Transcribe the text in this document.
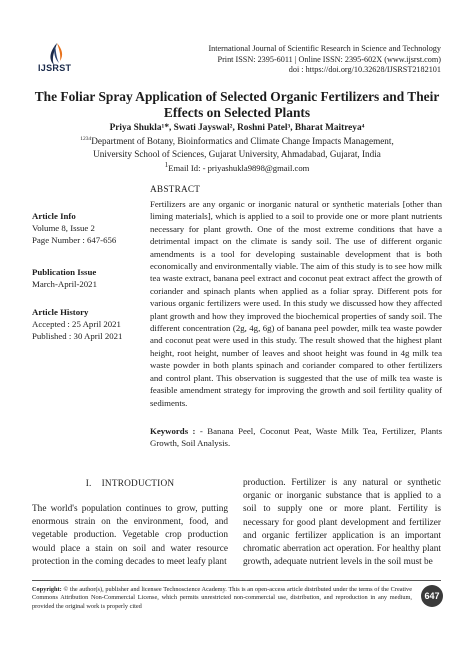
IJSRST
International Journal of Scientific Research in Science and Technology
Print ISSN: 2395-6011 | Online ISSN: 2395-602X (www.ijsrst.com)
doi : https://doi.org/10.32628/IJSRST2182101
The Foliar Spray Application of Selected Organic Fertilizers and Their Effects on Selected Plants
Priya Shukla¹*, Swati Jayswal², Roshni Patel³, Bharat Maitreya⁴
$^{1234}$Department of Botany, Bioinformatics and Climate Change Impacts Management, University School of Sciences, Gujarat University, Ahmadabad, Gujarat, India
$^1$Email Id: - priyashukla9898@gmail.com
Article Info
Volume 8, Issue 2
Page Number : 647-656
Publication Issue
March-April-2021
Article History
Accepted : 25 April 2021
Published : 30 April 2021
ABSTRACT

Fertilizers are any organic or inorganic natural or synthetic materials [other than liming materials], which is applied to a soil to provide one or more plant nutrients necessary for plant growth. One of the most extreme conditions that have a detrimental impact on the climate is sandy soil. The use of different organic amendments is a tool for developing sustainable development that is both economically and environmentally viable. The aim of this study is to see how milk tea waste extract, banana peel extract and coconut peat extract affect the growth of coriander and spinach plants when applied as a foliar spray. Different pots for various organic fertilizers were used. In this study we discussed how they affected plant growth and how they improved the biochemical properties of sandy soil. The different concentration (2g, 4g, 6g) of banana peel powder, milk tea waste powder and coconut peat were used in this study. The result showed that the highest plant height, root height, number of leaves and shoot height was found in 4g milk tea waste powder in both plants spinach and coriander compared to other fertilizers and control plant. This observation is suggested that the use of milk tea waste is feasible amendment strategy for improving the growth and soil fertility quality of sediments.

Keywords : - Banana Peel, Coconut Peat, Waste Milk Tea, Fertilizer, Plants Growth, Soil Analysis.

I.    INTRODUCTION

The world's population continues to grow, putting enormous strain on the environment, food, and vegetable production. Vegetable crop production would place a stain on soil and water resource protection in the coming decades to meet leafy plant

production. Fertilizer is any natural or synthetic organic or inorganic substance that is applied to a soil to supply one or more plant. Fertility is necessary for good plant development and fertilizer and organic fertilizer application is an important chromatic aberration act operation. For healthy plant growth, adequate nutrient levels in the soil must be

Copyright: © the author(s), publisher and licensee Technoscience Academy. This is an open-access article distributed under the terms of the Creative Commons Attribution Non-Commercial License, which permits unrestricted non-commercial use, distribution, and reproduction in any medium, provided the original work is properly cited

647
